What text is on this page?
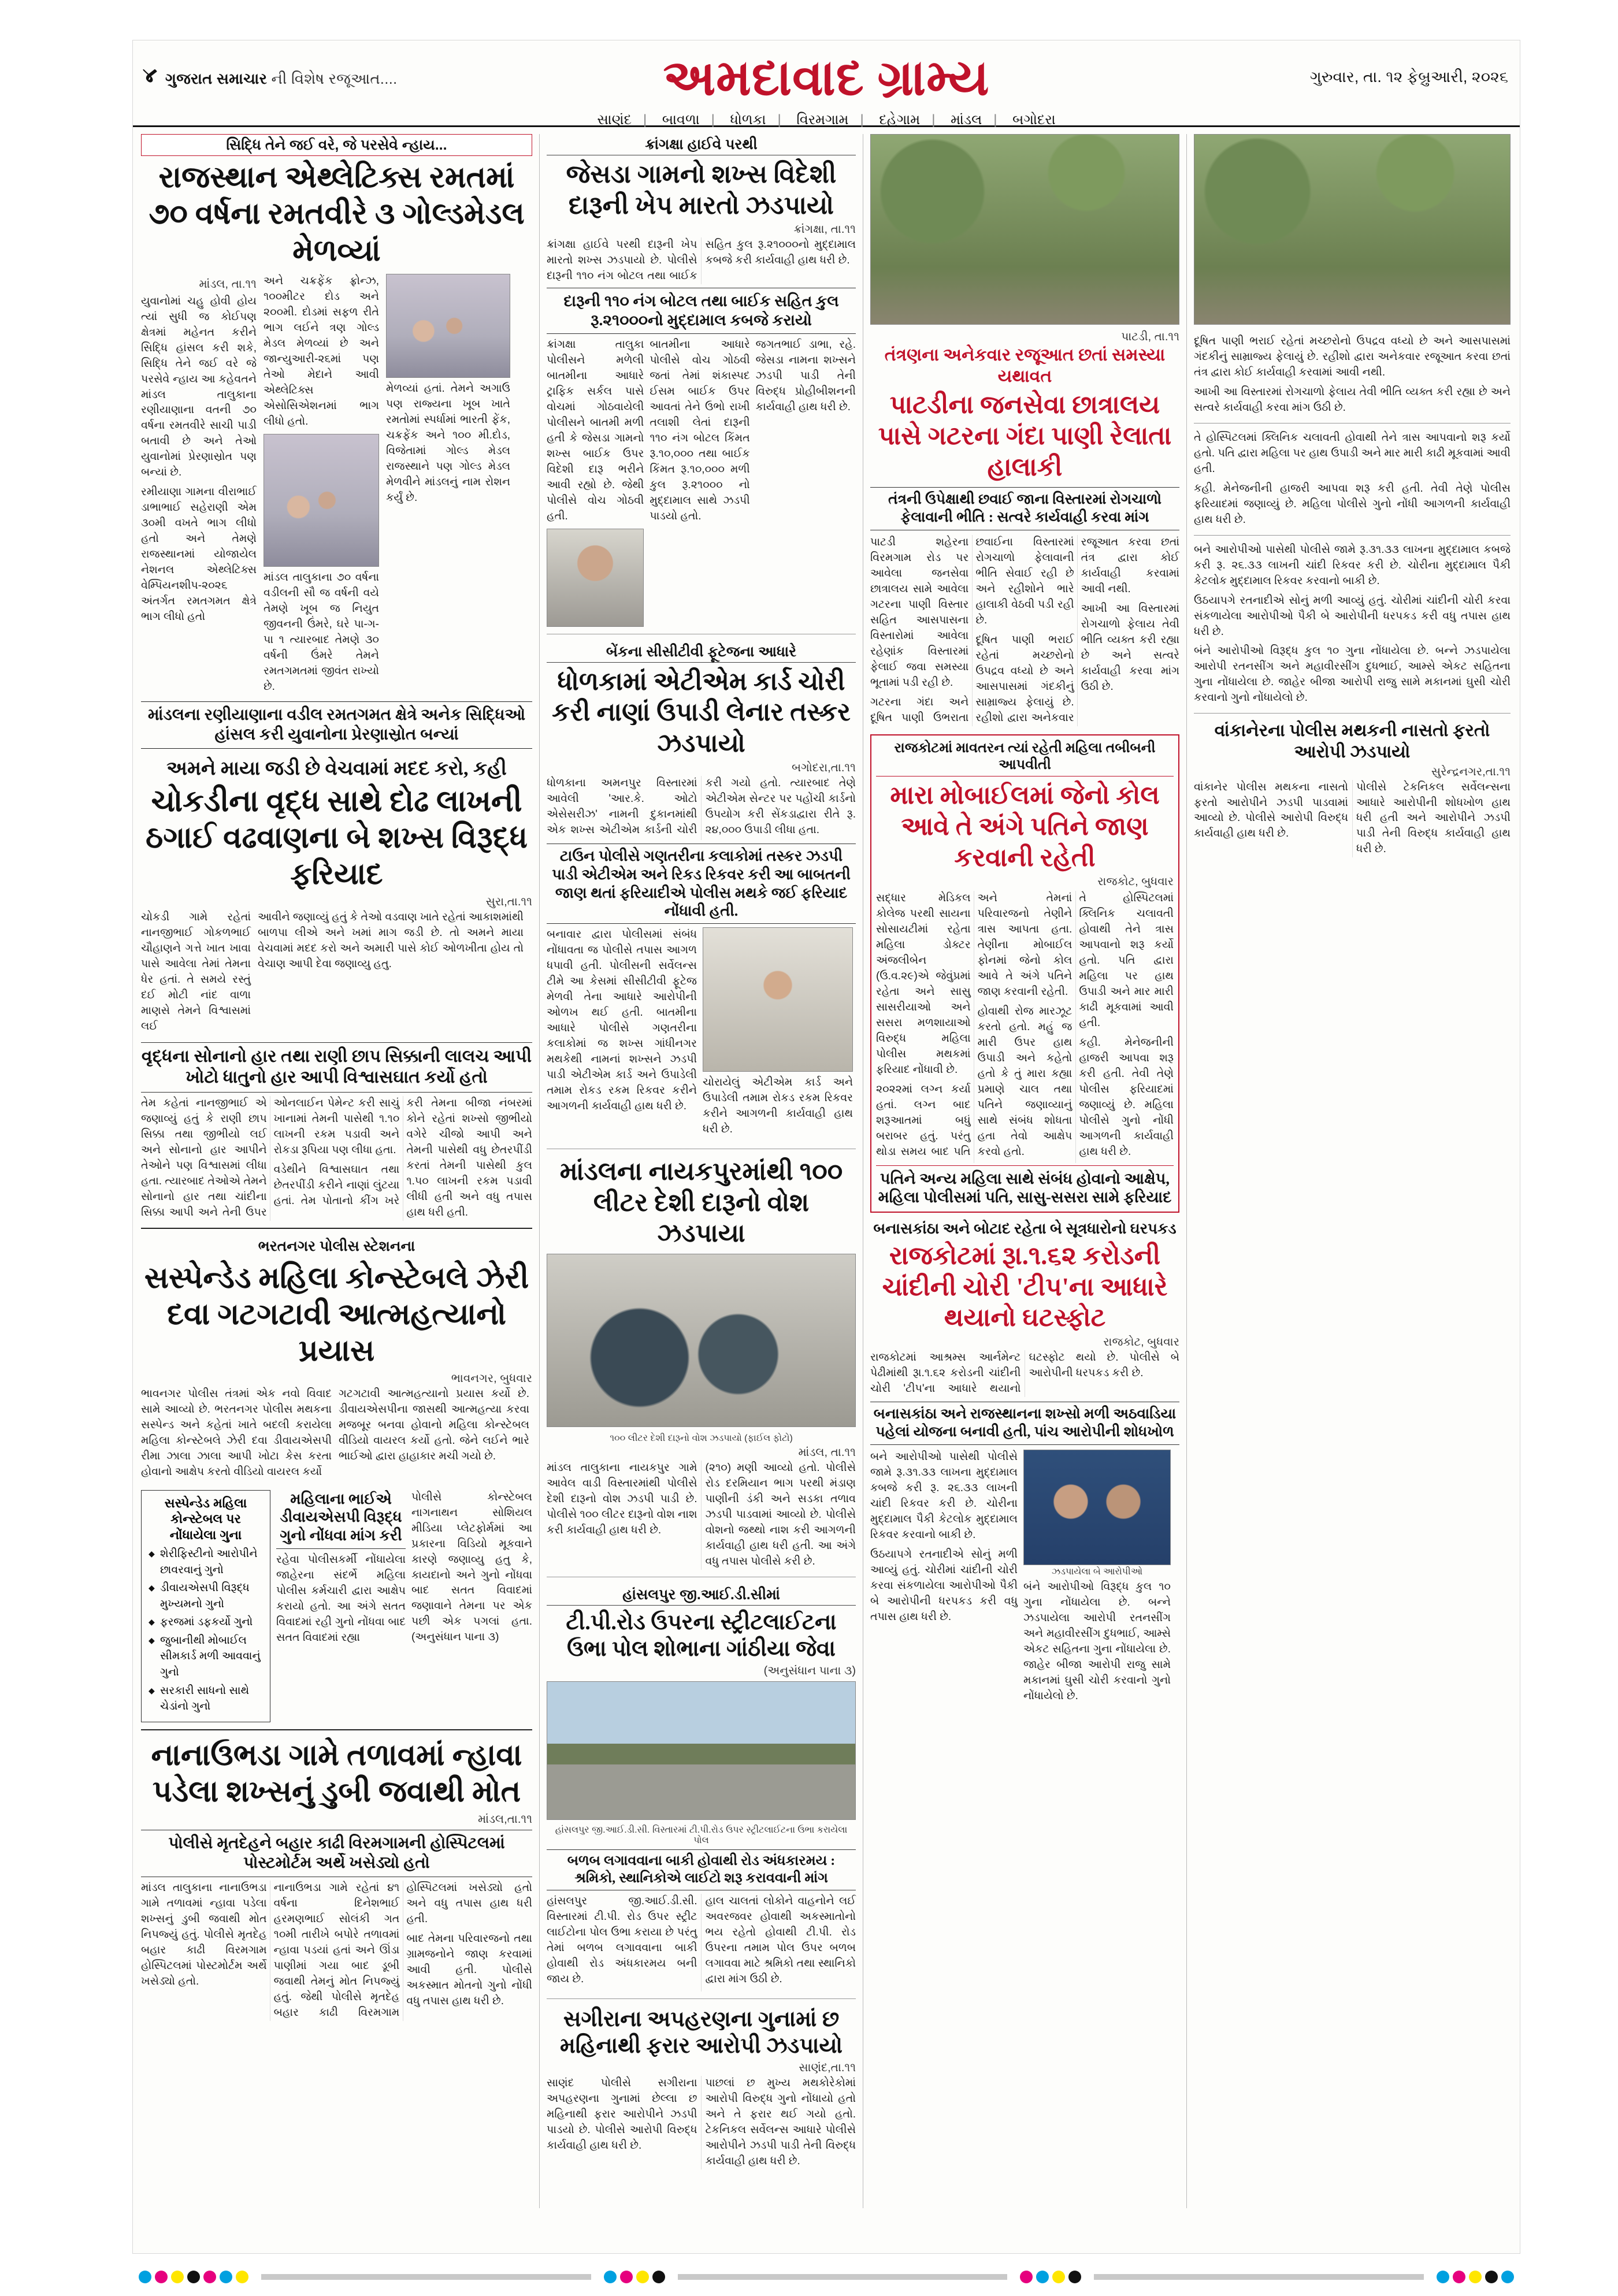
४ ગુજરાત સમાચાર ની વિશેષ રજૂઆત....	અમદાવાદ ગ્રામ્ય	ગુરુવાર, તા. ૧૨ ફેબ્રુઆરી, ૨૦૨૬
સાણંદ | બાવળા | ધોળકા | વિરમગામ | દહેગામ | માંડલ | બગોદરા
સિદ્ધિ તેને જઈ વરે, જે પરસેવે ન્હાય...
રાજસ્થાન એથ્લેટિક્સ રમતમાં ૭૦ વર્ષના રમતવીરે ૩ ગોલ્ડમેડલ મેળવ્યાં
માંડલ, તા.૧૧

યુવાનોમાં ચહુ હોવી હોય ત્યાં સુધી જ કોઈપણ ક્ષેત્રમાં મહેનત કરીને સિદ્ધિ હાંસલ કરી શકે, સિદ્ધિ તેને જઈ વરે જે પરસેવે ન્હાય આ કહેવતને માંડલ તાલુકાના રણીયાણાના વતની ૭૦ વર્ષના રમતવીરે સાચી પાડી બતાવી છે અને તેઓ યુવાનોમાં પ્રેરણાસ્રોત પણ બન્યાં છે.

રમીયાણા ગામના વીરાભાઈ ડાભાભાઈ સહેરાણી એમ ૩૦મી વખતે ભાગ લીધો હતો અને તેમણે રાજસ્થાનમાં યોજાયેલ નેશનલ એથ્લેટિક્સ વેમ્પિયનશીપ-૨૦૨૬ અંતર્ગત રમતગમત ક્ષેત્રે ભાગ લીધો હતો

અને ચક્રફેંક ફ્રોન્ઝ, ૧૦૦મીટર દોડ અને ૨૦૦મી. દોડમાં સફળ રીતે ભાગ લઈને ત્રણ ગોલ્ડ મેડલ મેળવ્યાં છે અને જાન્યુઆરી-૨૬માં પણ તેઓ મેદાને આવી એથ્લેટિક્સ એસોસિએશનમાં ભાગ લીધો હતો.

માંડલ તાલુકાના ૭૦ વર્ષના વડીલની સૌ જ વર્ષની વયે તેમણે ખૂબ જ નિયુત જીવનની ઉંમરે, ઘરે પા-ગ-પા ૧ ત્યારબાદ તેમણે ૩૦ વર્ષની ઉંમરે તેમને રમતગમતમાં જીવંત રાખ્યો છે.

મેળવ્યાં હતાં. તેમને અગાઉ પણ રાજ્યના ખૂબ ખાતે રમતોમાં સ્પર્ધામાં ભારતી ફેંક, ચક્રફેંક અને ૧૦૦ મી.દોડ, વિજેતામાં ગોલ્ડ મેડલ રાજસ્થાને પણ ગોલ્ડ મેડલ મેળવીને માંડલનું નામ રોશન કર્યું છે.

માંડલના રણીયાણાના વડીલ રમતગમત ક્ષેત્રે અનેક સિદ્ધિઓ હાંસલ કરી યુવાનોના પ્રેરણાસ્રોત બન્યાં
અમને માયા જડી છે વેચવામાં મદદ કરો, કહી
ચોકડીના વૃદ્ધ સાથે દોઢ લાખની ઠગાઈ વઢવાણના બે શખ્સ વિરૂદ્ધ ફરિયાદ
સુરા,તા.૧૧

ચોકડી ગામે રહેતાં નાનજીભાઈ ગોકળભાઈ ચૌહાણને ગત્તે ખાત ખાવા પાસે આવેલા તેમાં તેમના ધેર હતાં. તે સમયે રસ્તું દઈ મોટી નાંદ વાળા માણસે તેમને વિશ્વાસમાં લઈ

આવીને જણાવ્યું હતું કે તેઓ વડવાણ ખાતે રહેતાં આકાશમાંથી બાળપા લીએ અને ખમાં માગ જડી છે. તો અમને માયા વેચવામાં મદદ કરો અને અમારી પાસે કોઈ ઓળખીતા હોય તો વેચાણ આપી દેવા જણાવ્યુ હતુ.

વૃદ્ધના સોનાનો હાર તથા રાણી છાપ સિક્કાની લાલચ આપી ખોટો ધાતુનો હાર આપી વિશ્વાસઘાત કર્યો હતો

તેમ કહેતાં નાનજીભાઈ એ જણાવ્યું હતું કે રાણી છાપ સિક્કા તથા જીભીયો લઈ અને સોનાનો હાર આપીને તેઓને પણ વિશ્વાસમાં લીધા હતા. ત્યારબાદ તેઓએ તેમને સોનાનો હાર તથા ચાંદીના સિક્કા આપી અને તેની ઉપર ઓનલાઈન પેમેન્ટ કરી સાચું ખાનામાં તેમની પાસેથી ૧.૧૦ લાખની રકમ પડાવી અને રોકડા રૂપિયા પણ લીધા હતા.

વડેથીને વિશ્વાસઘાત તથા છેતરપીંડી કરીને નાણાં લુંટયા હતાં. તેમ પોતાનો કીંગ ખરે કરી તેમના બીજા નંબરમાં કોને રહેતાં શખ્સો જીભીયો વગેરે ચીજો આપી અને તેમની પાસેથી વધુ છેતરપીંડી કરતાં તેમની પાસેથી કુલ ૧.૫૦ લાખની રકમ પડાવી લીધી હતી અને વધુ તપાસ હાથ ધરી હતી.

ભરતનગર પોલીસ સ્ટેશનના
સસ્પેન્ડેડ મહિલા કોન્સ્ટેબલે ઝેરી દવા ગટગટાવી આત્મહત્યાનો પ્રયાસ
ભાવનગર, બુધવાર

ભાવનગર પોલીસ તંત્રમાં એક નવો વિવાદ સામે આવ્યો છે. ભરતનગર પોલીસ મથકના સસ્પેન્ડ અને કહેતાં ખાતે બદલી કરાયેલા મહિલા કોન્સ્ટેબલે ઝેરી દવા ડીવાયએસપી રીમા ઝાલા ઝાલા આપી ખોટા કેસ કરતા હોવાનો આક્ષેપ કરતો વીડિયો વાયરલ કર્યો

ગટગટાવી આત્મહત્યાનો પ્રયાસ કર્યો છે. ડીવાયએસપીના જાસથી આત્મહત્યા કરવા મજબૂર બનવા હોવાનો મહિલા કોન્સ્ટેબલ વીડિયો વાયરલ કર્યો હતો. જેને લઈને ભારે ભાઈઓ દ્વારા હાહાકાર મચી ગયો છે.

સસ્પેન્ડેડ મહિલા કોન્સ્ટેબલ પર નોંધાયેલા ગુના
◆ શેરીફિસ્ટીનો આરોપીને છાવરવાનું ગુનો
◆ ડીવાયએસપી વિરૂદ્ધ મુખ્યમનો ગુનો
◆ ફરજમાં ડફકર્યો ગુનો
◆ જુબાનીથી મોબાઈલ સીમકાર્ડ મળી આવવાનું ગુનો
◆ સરકારી સાધનો સાથે ચેડાંનો ગુનો
મહિલાના ભાઈએ ડીવાયએસપી વિરૂદ્ધ ગુનો નોંધવા માંગ કરી

રહેવા પોલીસકર્મી નોંધાયેલા જાહેરના સંદર્ભે મહિલા પોલીસ કર્મચારી દ્વારા આક્ષેપ કરાયો હતો. આ અંગે સતત વિવાદમાં રહી ગુનો નોંધવા બાદ સતત વિવાદમાં રહ્યા

પોલીસે કોન્સ્ટેબલ નાગનાથન સોશિયલ મીડિયા પ્લેટફોર્મમાં આ પ્રકારના વિડિયો મૂકવાને કારણે જણાવ્યુ હતુ કે, કાયદાનો અને ગુનો નોંધવા બાદ સતત વિવાદમાં જણાવાને તેમના પર એક પછી એક પગલાં હતા. (અનુસંધાન પાના ૩)

નાનાઉભડા ગામે તળાવમાં ન્હાવા પડેલા શખ્સનું ડુબી જવાથી મોત
માંડલ,તા.૧૧
પોલીસે મૃતદેહને બહાર કાઢી વિરમગામની હોસ્પિટલમાં પોસ્ટમોર્ટમ અર્થે ખસેડ્યો હતો

માંડલ તાલુકાના નાનાઉભડા ગામે તળાવમાં ન્હાવા પડેલા શખ્સનું ડુબી જવાથી મોત નિપજ્યું હતું. પોલીસે મૃતદેહ બહાર કાઢી વિરમગામ હોસ્પિટલમાં પોસ્ટમોર્ટમ અર્થે ખસેડ્યો હતો.

નાનાઉભડા ગામે રહેતાં ૪૧ વર્ષના દિનેશભાઈ હરમણભાઈ સોલંકી ગત ૧૦મી તારીખે બપોરે તળાવમાં ન્હાવા પડયાં હતાં અને ઊંડા પાણીમાં ગયા બાદ ડૂબી જવાથી તેમનું મોત નિપજ્યું હતું. જેથી પોલીસે મૃતદેહ બહાર કાઢી વિરમગામ હોસ્પિટલમાં ખસેડ્યો હતો અને વધુ તપાસ હાથ ધરી હતી.

બાદ તેમના પરિવારજનો તથા ગ્રામજનોને જાણ કરવામાં આવી હતી. પોલીસે અકસ્માત મોતનો ગુનો નોંધી વધુ તપાસ હાથ ધરી છે.

ક્રાંગક્ષા હાઈવે પરથી
જેસડા ગામનો શખ્સ વિદેશી દારૂની ખેપ મારતો ઝડપાયો
ક્રાંગક્ષા, તા.૧૧

ક્રાંગક્ષા હાઈવે પરથી દારૂની ખેપ મારતો શખ્સ ઝડપાયો છે. પોલીસે દારૂની ૧૧૦ નંગ બોટલ તથા બાઈક સહિત કુલ રૂ.૨૧૦૦૦નો મુદ્દામાલ કબજે કરી કાર્યવાહી હાથ ધરી છે.

દારૂની ૧૧૦ નંગ બોટલ તથા બાઈક સહિત કુલ રૂ.૨૧૦૦૦નો મુદ્દામાલ કબજે કરાયો

ક્રાંગક્ષા તાલુકા પોલીસને મળેલી બાતમીના આધારે ટ્રાફિક સર્કલ પાસે વોચમાં ગોઠવાયેલી પોલીસને બાતમી મળી હતી કે જેસડા ગામનો શખ્સ બાઈક ઉપર વિદેશી દારૂ ભરીને આવી રહ્યો છે. જેથી પોલીસે વોચ ગોઠવી હતી.

બાતમીના આધારે પોલીસે વોચ ગોઠવી જતાં તેમાં શંકાસ્પદ ઈસમ બાઈક ઉપર આવતાં તેને ઉભો રાખી તલાશી લેતાં દારૂની ૧૧૦ નંગ બોટલ કિંમત રૂ.૧૦,૦૦૦ તથા બાઈક કિંમત રૂ.૧૦,૦૦૦ મળી કુલ રૂ.૨૧૦૦૦ નો મુદ્દામાલ સાથે ઝડપી પાડયો હતો.

જગતભાઈ ડાભા, રહે. જેસડા નામના શખ્સને ઝડપી પાડી તેની વિરુદ્ધ પ્રોહીબીશનની કાર્યવાહી હાથ ધરી છે.

બેંકના સીસીટીવી ફૂટેજના આધારે
ધોળકામાં એટીએમ કાર્ડ ચોરી કરી નાણાં ઉપાડી લેનાર તસ્કર ઝડપાયો
બગોદરા,તા.૧૧

ધોળકાના અમનપુર વિસ્તારમાં આવેલી 'આર.કે. ઓટો એસેસરીઝ' નામની દુકાનમાંથી એક શખ્સ એટીએમ કાર્ડની ચોરી કરી ગયો હતો. ત્યારબાદ તેણે એટીએમ સેન્ટર પર પહોંચી કાર્ડનો ઉપયોગ કરી સેંકડાદ્વારા રીતે રૂ. ૨૪,૦૦૦ ઉપાડી લીધા હતા.

ટાઉન પોલીસે ગણતરીના કલાકોમાં તસ્કર ઝડપી પાડી એટીએમ અને રિકડ રિકવર કરી આ બાબતની જાણ થતાં ફરિયાદીએ પોલીસ મથકે જઈ ફરિયાદ નોંધાવી હતી.

બનાવાર દ્વારા પોલીસમાં સંબંધ નોંધાવતા જ પોલીસે તપાસ આગળ ધપાવી હતી. પોલીસની સર્વેલન્સ ટીમે આ કેસમાં સીસીટીવી ફૂટેજ મેળવી તેના આધારે આરોપીની ઓળખ થઈ હતી. બાતમીના આધારે પોલીસે ગણતરીના કલાકોમાં જ શખ્સ ગાંધીનગર મથકેથી નામનાં શખ્સને ઝડપી પાડી એટીએમ કાર્ડ અને ઉપાડેલી તમામ રોકડ રકમ રિકવર કરીને આગળની કાર્યવાહી હાથ ધરી છે.

ચોરાયેલું એટીએમ કાર્ડ અને ઉપાડેલી તમામ રોકડ રકમ રિકવર કરીને આગળની કાર્યવાહી હાથ ધરી છે.

માંડલના નાયકપુરમાંથી ૧૦૦ લીટર દેશી દારૂનો વોશ ઝડપાયા
૧૦૦ લીટર દેશી દારૂનો વોશ ઝડપાયો (ફાઈલ ફોટો)
માંડલ, તા.૧૧

માંડલ તાલુકાના નાયકપુર ગામે આવેલ વાડી વિસ્તારમાંથી પોલીસે દેશી દારૂનો વોશ ઝડપી પાડી છે. પોલીસે ૧૦૦ લીટર દારૂનો વોશ નાશ કરી કાર્યવાહી હાથ ધરી છે.

(૨૧૦) મણી આવ્યો હતો. પોલીસે રોડ દરમિયાન ભાગ પરથી મંડાણ પાણીની ડંકી અને સડકા તળાવ ઝડપી પાડવામાં આવ્યો છે. પોલીસે વોશનો જથ્થો નાશ કરી આગળની કાર્યવાહી હાથ ધરી હતી. આ અંગે વધુ તપાસ પોલીસે કરી છે.

હાંસલપુર જી.આઈ.ડી.સીમાં
ટી.પી.રોડ ઉપરના સ્ટ્રીટલાઈટના ઉભા પોલ શોભાના ગાંઠીયા જેવા
(અનુસંધાન પાના ૩)
હાંસલપુર જી.આઈ.ડી.સી. વિસ્તારમાં ટી.પી.રોડ ઉપર સ્ટ્રીટલાઈટના ઉભા કરાયેલા પોલ
બળબ લગાવવાના બાકી હોવાથી રોડ અંધકારમય : શ્રમિકો, સ્થાનિકોએ લાઈટો શરૂ કરાવવાની માંગ

હાંસલપુર જી.આઈ.ડી.સી. વિસ્તારમાં ટી.પી. રોડ ઉપર સ્ટ્રીટ લાઈટોના પોલ ઉભા કરાયા છે પરંતુ તેમાં બળબ લગાવવાના બાકી હોવાથી રોડ અંધકારમય બની જાય છે.

હાલ ચાલતાં લોકોને વાહનોને લઈ અવરજવર હોવાથી અકસ્માતોનો ભય રહેતો હોવાથી ટી.પી. રોડ ઉપરના તમામ પોલ ઉપર બળબ લગાવવા માટે શ્રમિકો તથા સ્થાનિકો દ્વારા માંગ ઉઠી છે.

સગીરાના અપહરણના ગુનામાં છ મહિનાથી ફરાર આરોપી ઝડપાયો
સાણંદ,તા.૧૧

સાણંદ પોલીસે સગીરાના અપહરણના ગુનામાં છેલ્લા છ મહિનાથી ફરાર આરોપીને ઝડપી પાડયો છે. પોલીસે આરોપી વિરુદ્ધ કાર્યવાહી હાથ ધરી છે.

પાછલાં છ મુખ્ય મથકોરેકોમાં આરોપી વિરુદ્ધ ગુનો નોંધાયો હતો અને તે ફરાર થઈ ગયો હતો. ટેકનિકલ સર્વેલન્સ આધારે પોલીસે આરોપીને ઝડપી પાડી તેની વિરુદ્ધ કાર્યવાહી હાથ ધરી છે.

પાટડી, તા.૧૧
તંત્રણના અનેકવાર રજૂઆત છતાં સમસ્યા યથાવત
પાટડીના જનસેવા છાત્રાલય પાસે ગટરના ગંદા પાણી રેલાતા હાલાકી
તંત્રની ઉપેક્ષાથી છવાઈ જાના વિસ્તારમાં રોગચાળો ફેલાવાની ભીતિ : સત્વરે કાર્યવાહી કરવા માંગ

પાટડી શહેરના વિરમગામ રોડ પર આવેલા જનસેવા છાત્રાલય સામે આવેલા ગટરના પાણી વિસ્તાર સહિત આસપાસના વિસ્તારોમાં આવેલા રહેણાંક વિસ્તારમાં ફેલાઈ જવા સમસ્યા ભૂતામાં પડી રહી છે.

ગટરના ગંદા અને દૂષિત પાણી ઉભરાતા છવાઈના વિસ્તારમાં રોગચાળો ફેલાવાની ભીતિ સેવાઈ રહી છે અને રહીશોને ભારે હાલાકી વેઠવી પડી રહી છે.

દૂષિત પાણી ભરાઈ રહેતાં મચ્છરોનો ઉપદ્રવ વધ્યો છે અને આસપાસમાં ગંદકીનું સામ્રાજ્ય ફેલાયું છે. રહીશો દ્વારા અનેકવાર રજૂઆત કરવા છતાં તંત્ર દ્વારા કોઈ કાર્યવાહી કરવામાં આવી નથી.

આખી આ વિસ્તારમાં રોગચાળો ફેલાય તેવી ભીતિ વ્યક્ત કરી રહ્યા છે અને સત્વરે કાર્યવાહી કરવા માંગ ઉઠી છે.

રાજકોટમાં માવતરન ત્યાં રહેતી મહિલા તબીબની આપવીતી
મારા મોબાઈલમાં જેનો કોલ આવે તે અંગે પતિને જાણ કરવાની રહેતી
રાજકોટ, બુધવાર

સદ્ધાર મેડિકલ કોલેજ પરથી સાયના સોસાયટીમાં રહેતા મહિલા ડોક્ટર અંજલીબેન (ઉ.વ.૨૯)એ જેવુંપ્રમાં રહેતા અને સાસુ સાસરીયાઓ અને સસરા મળશાયાઓ વિરુદ્ધ મહિલા પોલીસ મથકમાં ફરિયાદ નોંધાવી છે.

૨૦૨૨માં લગ્ન કર્યા હતાં. લગ્ન બાદ શરૂઆતમાં બધું બરાબર હતું. પરંતુ થોડા સમય બાદ પતિ અને તેમનાં પરિવારજનો તેણીને ત્રાસ આપતા હતા. તેણીના મોબાઈલ ફોનમાં જેનો કોલ આવે તે અંગે પતિને જાણ કરવાની રહેતી.

હોવાથી રોજ મારઝૂટ કરતો હતો. મહું જ મારી ઉપર હાથ ઉપાડી અને કહેતો હતો કે તું મારા કહ્યા પ્રમાણે ચાલ તથા પતિને જણાવ્યાનું સાથે સંબંધ શોધતા હતા તેવો આક્ષેપ કરવો હતો.

તે હોસ્પિટલમાં ક્લિનિક ચલાવતી હોવાથી તેને ત્રાસ આપવાનો શરૂ કર્યો હતો. પતિ દ્વારા મહિલા પર હાથ ઉપાડી અને માર મારી કાઢી મૂકવામાં આવી હતી.

કહી. મેનેજનીની હાજરી આપવા શરૂ કરી હતી. તેવી તેણે પોલીસ ફરિયાદમાં જણાવ્યું છે. મહિલા પોલીસે ગુનો નોંધી આગળની કાર્યવાહી હાથ ધરી છે.

પતિને અન્ય મહિલા સાથે સંબંધ હોવાનો આક્ષેપ, મહિલા પોલીસમાં પતિ, સાસુ-સસરા સામે ફરિયાદ
બનાસકાંઠા અને બોટાદ રહેતા બે સૂત્રધારોનો ઘરપકડ
રાજકોટમાં રૂા.૧.૬૨ કરોડની ચાંદીની ચોરી 'ટીપ'ના આધારે થયાનો ઘટસ્ફોટ
રાજકોટ, બુધવાર

રાજકોટમાં આશ્રમ્સ આર્નમેન્ટ પેઢીમાંથી રૂા.૧.૬૨ કરોડની ચાંદીની ચોરી 'ટીપ'ના આધારે થયાનો ઘટસ્ફોટ થયો છે. પોલીસે બે આરોપીની ધરપકડ કરી છે.

બનાસકાંઠા અને રાજસ્થાનના શખ્સો મળી અઠવાડિયા પહેલાં યોજના બનાવી હતી, પાંચ આરોપીની શોધખોળ

બને આરોપીઓ પાસેથી પોલીસે જામે રૂ.૩૧.૩૩ લાખના મુદ્દામાલ કબજે કરી રૂ. ૨૬.૩૩ લાખની ચાંદી રિકવર કરી છે. ચોરીના મુદ્દામાલ પૈકી કેટલોક મુદ્દામાલ રિકવર કરવાનો બાકી છે.

ઉઠયાપગે રતનાદીએ સોનું મળી આવ્યું હતું. ચોરીમાં ચાંદીની ચોરી કરવા સંકળાયેલા આરોપીઓ પૈકી બે આરોપીની ધરપકડ કરી વધુ તપાસ હાથ ધરી છે.

ઝડપાયેલા બે આરોપીઓ

બંને આરોપીઓ વિરૂદ્ધ કુલ ૧૦ ગુના નોંધાયેલા છે. બન્ને ઝડપાયેલા આરોપી રતનસીંગ અને મહાવીરસીંગ દુધભાઈ, આમ્સે એકટ સહિતના ગુના નોંધાયેલા છે. જાહેર બીજા આરોપી રાજુ સામે મકાનમાં ઘુસી ચોરી કરવાનો ગુનો નોંધાયેલો છે.

દૂષિત પાણી ભરાઈ રહેતાં મચ્છરોનો ઉપદ્રવ વધ્યો છે અને આસપાસમાં ગંદકીનું સામ્રાજ્ય ફેલાયું છે. રહીશો દ્વારા અનેકવાર રજૂઆત કરવા છતાં તંત્ર દ્વારા કોઈ કાર્યવાહી કરવામાં આવી નથી.

આખી આ વિસ્તારમાં રોગચાળો ફેલાય તેવી ભીતિ વ્યક્ત કરી રહ્યા છે અને સત્વરે કાર્યવાહી કરવા માંગ ઉઠી છે.

તે હોસ્પિટલમાં ક્લિનિક ચલાવતી હોવાથી તેને ત્રાસ આપવાનો શરૂ કર્યો હતો. પતિ દ્વારા મહિલા પર હાથ ઉપાડી અને માર મારી કાઢી મૂકવામાં આવી હતી.

કહી. મેનેજનીની હાજરી આપવા શરૂ કરી હતી. તેવી તેણે પોલીસ ફરિયાદમાં જણાવ્યું છે. મહિલા પોલીસે ગુનો નોંધી આગળની કાર્યવાહી હાથ ધરી છે.

બને આરોપીઓ પાસેથી પોલીસે જામે રૂ.૩૧.૩૩ લાખના મુદ્દામાલ કબજે કરી રૂ. ૨૬.૩૩ લાખની ચાંદી રિકવર કરી છે. ચોરીના મુદ્દામાલ પૈકી કેટલોક મુદ્દામાલ રિકવર કરવાનો બાકી છે.

ઉઠયાપગે રતનાદીએ સોનું મળી આવ્યું હતું. ચોરીમાં ચાંદીની ચોરી કરવા સંકળાયેલા આરોપીઓ પૈકી બે આરોપીની ધરપકડ કરી વધુ તપાસ હાથ ધરી છે.

બંને આરોપીઓ વિરૂદ્ધ કુલ ૧૦ ગુના નોંધાયેલા છે. બન્ને ઝડપાયેલા આરોપી રતનસીંગ અને મહાવીરસીંગ દુધભાઈ, આમ્સે એકટ સહિતના ગુના નોંધાયેલા છે. જાહેર બીજા આરોપી રાજુ સામે મકાનમાં ઘુસી ચોરી કરવાનો ગુનો નોંધાયેલો છે.

વાંકાનેરના પોલીસ મથકની નાસતો ફરતો આરોપી ઝડપાયો
સુરેન્દ્રનગર,તા.૧૧

વાંકાનેર પોલીસ મથકના નાસતો ફરતો આરોપીને ઝડપી પાડવામાં આવ્યો છે. પોલીસે આરોપી વિરુદ્ધ કાર્યવાહી હાથ ધરી છે.

પોલીસે ટેકનિકલ સર્વેલન્સના આધારે આરોપીની શોધખોળ હાથ ધરી હતી અને આરોપીને ઝડપી પાડી તેની વિરુદ્ધ કાર્યવાહી હાથ ધરી છે.
